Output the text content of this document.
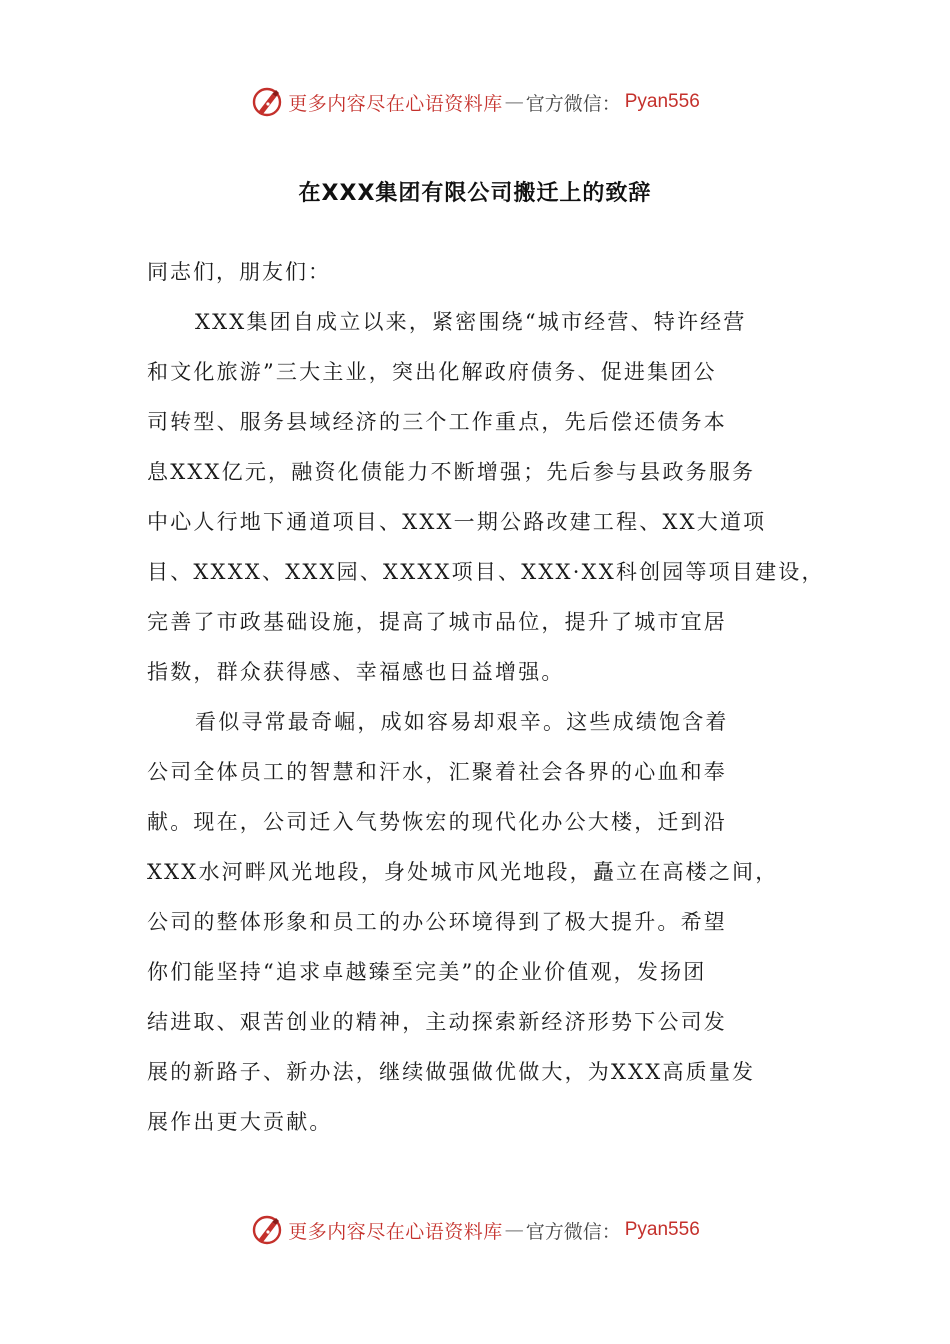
更多内容尽在心语资料库 — 官方微信： Pyan556
在XXX集团有限公司搬迁上的致辞

同志们，朋友们：

XXX集团自成立以来，紧密围绕“城市经营、特许经营
和文化旅游”三大主业，突出化解政府债务、促进集团公
司转型、服务县域经济的三个工作重点，先后偿还债务本
息XXX亿元，融资化债能力不断增强；先后参与县政务服务
中心人行地下通道项目、XXX一期公路改建工程、XX大道项
目、XXXX、XXX园、XXXX项目、XXX·XX科创园等项目建设，
完善了市政基础设施，提高了城市品位，提升了城市宜居
指数，群众获得感、幸福感也日益增强。

看似寻常最奇崛，成如容易却艰辛。这些成绩饱含着
公司全体员工的智慧和汗水，汇聚着社会各界的心血和奉
献。现在，公司迁入气势恢宏的现代化办公大楼，迁到沿
XXX水河畔风光地段，身处城市风光地段，矗立在高楼之间，
公司的整体形象和员工的办公环境得到了极大提升。希望
你们能坚持“追求卓越臻至完美”的企业价值观，发扬团
结进取、艰苦创业的精神，主动探索新经济形势下公司发
展的新路子、新办法，继续做强做优做大，为XXX高质量发
展作出更大贡献。

更多内容尽在心语资料库 — 官方微信： Pyan556
